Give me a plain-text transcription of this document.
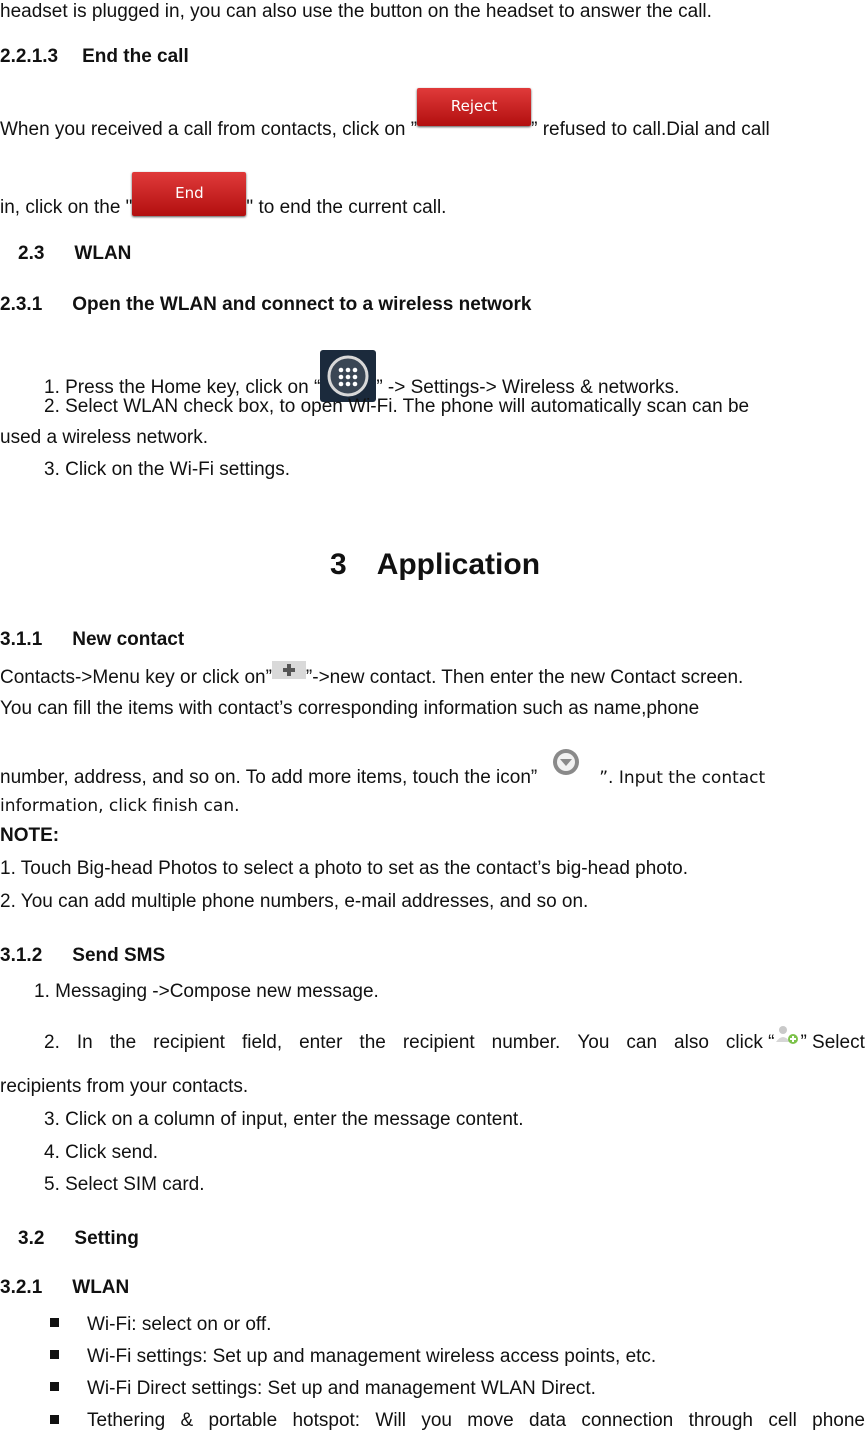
headset is plugged in, you can also use the button on the headset to answer the call.
2.2.1.3 End the call
When you received a call from contacts, click on ”Reject” refused to call.Dial and call
in, click on the "End" to end the current call.
2.3 WLAN
2.3.1 Open the WLAN and connect to a wireless network
1. Press the Home key, click on “	” -> Settings-> Wireless & networks.
2. Select WLAN check box, to open Wi-Fi. The phone will automatically scan can be
used a wireless network.
3. Click on the Wi-Fi settings.
3 Application
3.1.1 New contact
Contacts->Menu key or click on” ”->new contact. Then enter the new Contact screen.
You can fill the items with contact’s corresponding information such as name,phone
number, address, and so on. To add more items, touch the icon”	”. Input the contact
information, click finish can.
NOTE:
1. Touch Big-head Photos to select a photo to set as the contact’s big-head photo.
2. You can add multiple phone numbers, e-mail addresses, and so on.
3.1.2 Send SMS
1. Messaging ->Compose new message.
2. In the recipient field, enter the recipient number. You can also click “ ” Select
recipients from your contacts.
3. Click on a column of input, enter the message content.
4. Click send.
5. Select SIM card.
3.2 Setting
3.2.1 WLAN
Wi-Fi: select on or off.
Wi-Fi settings: Set up and management wireless access points, etc.
Wi-Fi Direct settings: Set up and management WLAN Direct.
Tethering & portable hotspot: Will you move data connection through cell phone
